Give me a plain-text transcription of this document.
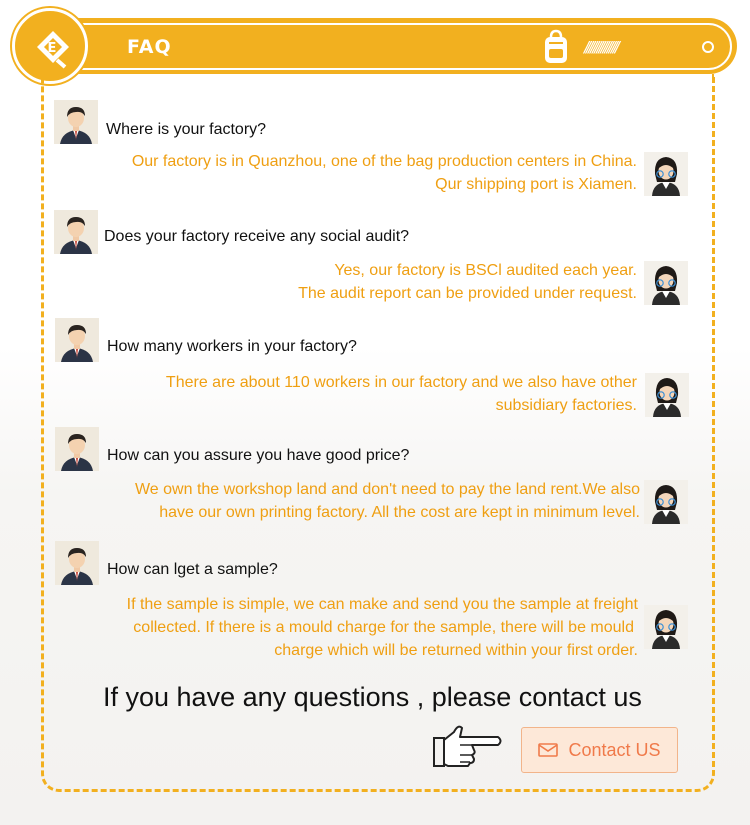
E	FAQ	////////////////
Where is your factory?
Our factory is in Quanzhou, one of the bag production centers in China.
Qur shipping port is Xiamen.
Does your factory receive any social audit?
Yes, our factory is BSCl audited each year.
The audit report can be provided under request.
How many workers in your factory?
There are about 110 workers in our factory and we also have other
subsidiary factories.
How can you assure you have good price?
We own the workshop land and don't need to pay the land rent.We also
have our own printing factory. All the cost are kept in minimum level.
How can lget a sample?
If the sample is simple, we can make and send you the sample at freight
collected. If there is a mould charge for the sample, there will be mould
charge which will be returned within your first order.
If you have any questions , please contact us
Contact US
